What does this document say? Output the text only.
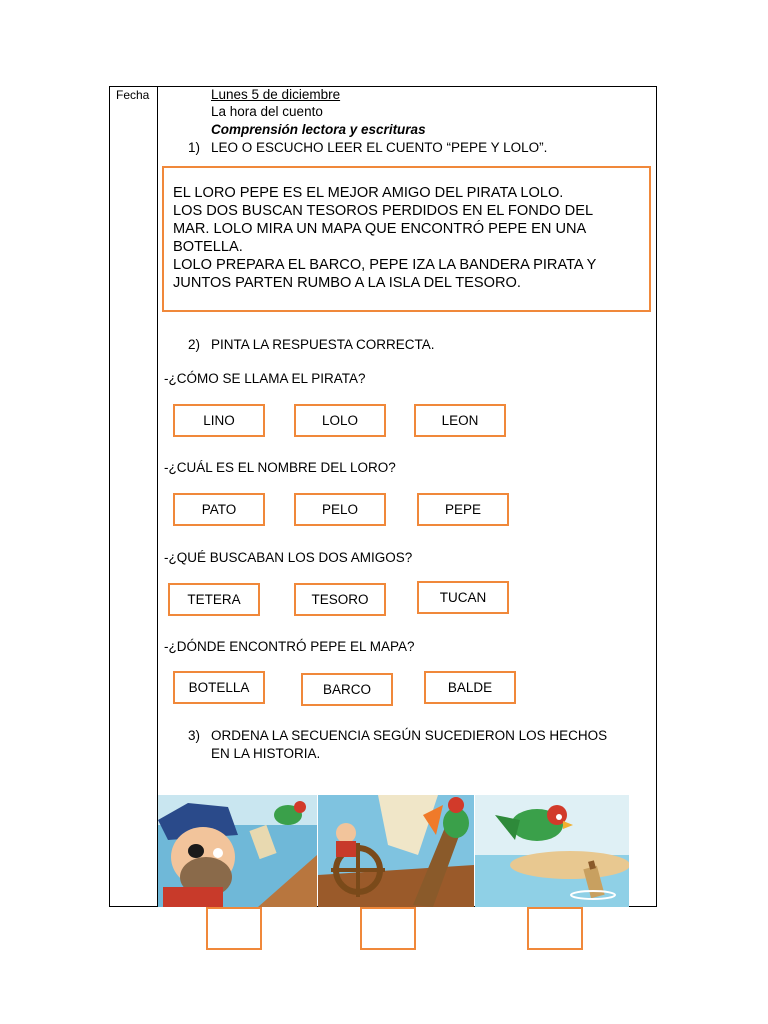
Fecha	Lunes 5 de diciembre
La hora del cuento
Comprensión lectora y escrituras
1) LEO O ESCUCHO LEER EL CUENTO “PEPE Y LOLO”.
EL LORO PEPE ES EL MEJOR AMIGO DEL PIRATA LOLO.
LOS DOS BUSCAN TESOROS PERDIDOS EN EL FONDO DEL
MAR. LOLO MIRA UN MAPA QUE ENCONTRÓ PEPE EN UNA
BOTELLA.
LOLO PREPARA EL BARCO, PEPE IZA LA BANDERA PIRATA Y
JUNTOS PARTEN RUMBO A LA ISLA DEL TESORO.
2) PINTA LA RESPUESTA CORRECTA.
-¿CÓMO SE LLAMA EL PIRATA?
LINO	LOLO	LEON
-¿CUÁL ES EL NOMBRE DEL LORO?
PATO	PELO	PEPE
-¿QUÉ BUSCABAN LOS DOS AMIGOS?
TETERA	TESORO	TUCAN
-¿DÓNDE ENCONTRÓ PEPE EL MAPA?
BOTELLA	BARCO	BALDE
3) ORDENA LA SECUENCIA SEGÚN SUCEDIERON LOS HECHOS
EN LA HISTORIA.
